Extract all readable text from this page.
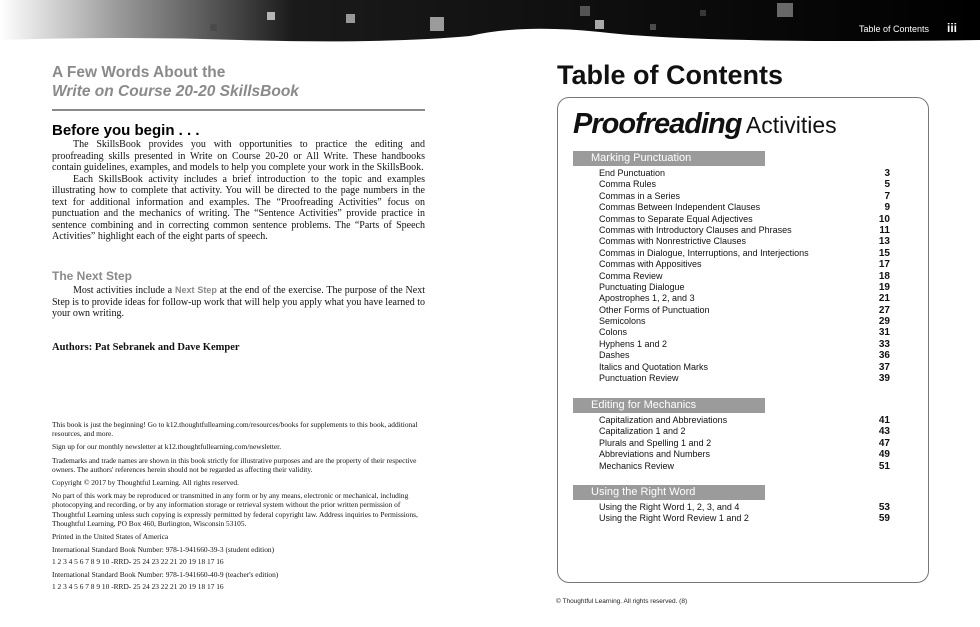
Table of Contents iii
A Few Words About the
Write on Course 20-20 SkillsBook
Before you begin . . .

The SkillsBook provides you with opportunities to practice the editing and proofreading skills presented in Write on Course 20-20 or All Write. These handbooks contain guidelines, examples, and models to help you complete your work in the SkillsBook.

Each SkillsBook activity includes a brief introduction to the topic and examples illustrating how to complete that activity. You will be directed to the page numbers in the text for additional information and examples. The “Proofreading Activities” focus on punctuation and the mechanics of writing. The “Sentence Activities” provide practice in sentence combining and in correcting common sentence problems. The “Parts of Speech Activities” highlight each of the eight parts of speech.

The Next Step

Most activities include a Next Step at the end of the exercise. The purpose of the Next Step is to provide ideas for follow-up work that will help you apply what you have learned to your own writing.

Authors: Pat Sebranek and Dave Kemper

This book is just the beginning! Go to k12.thoughtfullearning.com/resources/books for supplements to this book, additional resources, and more.

Sign up for our monthly newsletter at k12.thoughtfullearning.com/newsletter.

Trademarks and trade names are shown in this book strictly for illustrative purposes and are the property of their respective owners. The authors' references herein should not be regarded as affecting their validity.

Copyright © 2017 by Thoughtful Learning. All rights reserved.

No part of this work may be reproduced or transmitted in any form or by any means, electronic or mechanical, including photocopying and recording, or by any information storage or retrieval system without the prior written permission of Thoughtful Learning unless such copying is expressly permitted by federal copyright law. Address inquiries to Permissions, Thoughtful Learning, PO Box 460, Burlington, Wisconsin 53105.

Printed in the United States of America

International Standard Book Number: 978-1-941660-39-3 (student edition)

1 2 3 4 5 6 7 8 9 10 -RRD- 25 24 23 22 21 20 19 18 17 16

International Standard Book Number: 978-1-941660-40-9 (teacher's edition)

1 2 3 4 5 6 7 8 9 10 -RRD- 25 24 23 22 21 20 19 18 17 16

Table of Contents
Proofreading Activities
Marking Punctuation
End Punctuation	3
Comma Rules	5
Commas in a Series	7
Commas Between Independent Clauses	9
Commas to Separate Equal Adjectives	10
Commas with Introductory Clauses and Phrases	11
Commas with Nonrestrictive Clauses	13
Commas in Dialogue, Interruptions, and Interjections	15
Commas with Appositives	17
Comma Review	18
Punctuating Dialogue	19
Apostrophes 1, 2, and 3	21
Other Forms of Punctuation	27
Semicolons	29
Colons	31
Hyphens 1 and 2	33
Dashes	36
Italics and Quotation Marks	37
Punctuation Review	39
Editing for Mechanics
Capitalization and Abbreviations	41
Capitalization 1 and 2	43
Plurals and Spelling 1 and 2	47
Abbreviations and Numbers	49
Mechanics Review	51
Using the Right Word
Using the Right Word 1, 2, 3, and 4	53
Using the Right Word Review 1 and 2	59
© Thoughtful Learning. All rights reserved. (8)
